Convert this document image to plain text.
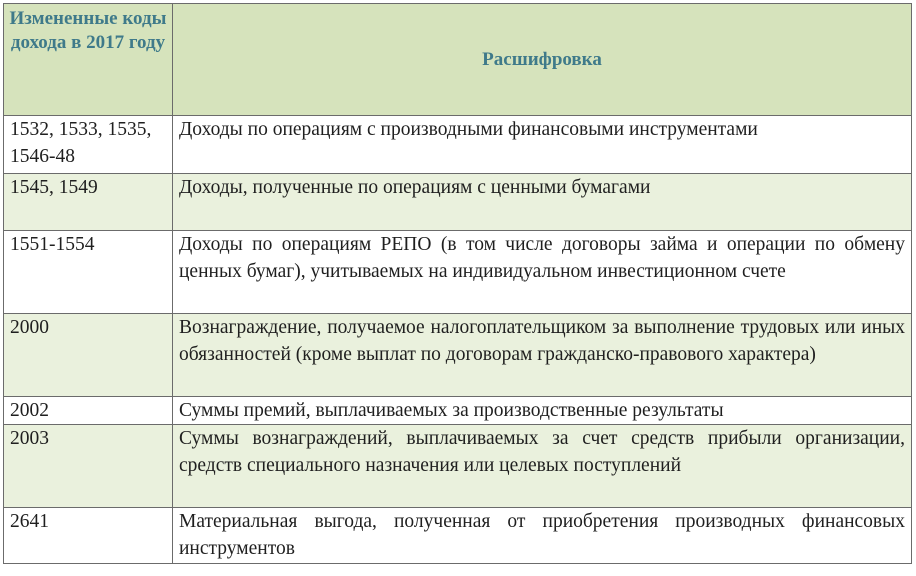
Измененные коды дохода в 2017 году	Расшифровка
1532, 1533, 1535, 1546-48	Доходы по операциям с производными финансовыми инструментами
1545, 1549	Доходы, полученные по операциям с ценными бумагами
1551-1554	Доходы по операциям РЕПО (в том числе договоры займа и операции по обмену ценных бумаг), учитываемых на индивидуальном инвестиционном счете
2000	Вознаграждение, получаемое налогоплательщиком за выполнение трудовых или иных обязанностей (кроме выплат по договорам гражданско-правового характера)
2002	Суммы премий, выплачиваемых за производственные результаты
2003	Суммы вознаграждений, выплачиваемых за счет средств прибыли организации, средств специального назначения или целевых поступлений
2641	Материальная выгода, полученная от приобретения производных финансовых инструментов
